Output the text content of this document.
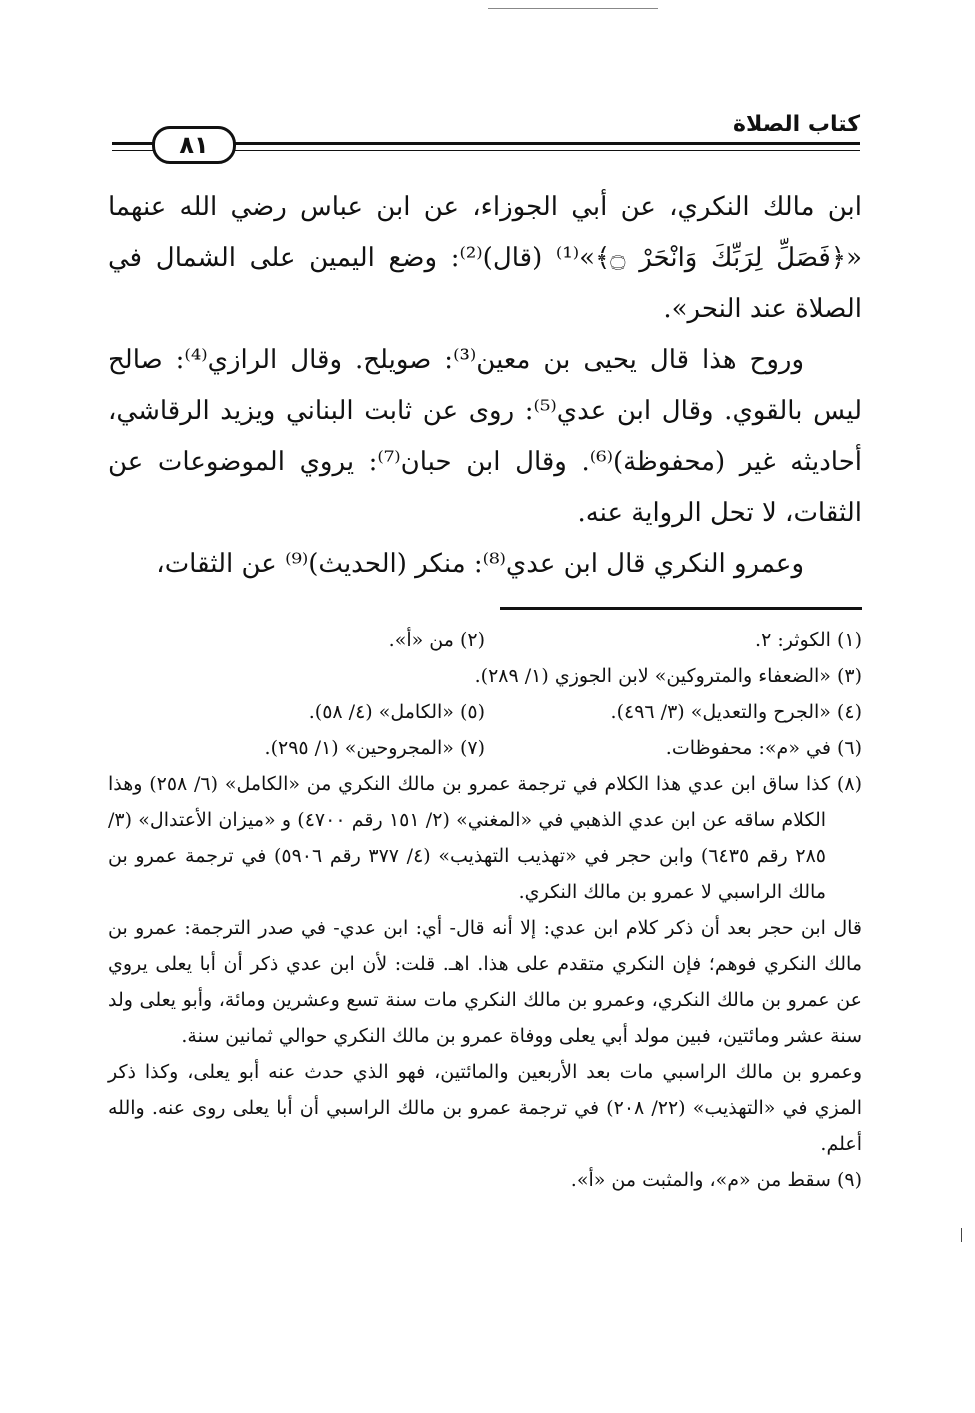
٨١
كتاب الصلاة

ابن مالك النكري، عن أبي الجوزاء، عن ابن عباس رضي الله عنهما «﴿فَصَلِّ لِرَبِّكَ وَانْحَرْ ۝﴾»⁽¹⁾ (قال)⁽²⁾: وضع اليمين على الشمال في الصلاة عند النحر».

وروح هذا قال يحيى بن معين⁽³⁾: صويلح. وقال الرازي⁽⁴⁾: صالح ليس بالقوي. وقال ابن عدي⁽⁵⁾: روى عن ثابت البناني ويزيد الرقاشي، أحاديثه غير (محفوظة)⁽⁶⁾. وقال ابن حبان⁽⁷⁾: يروي الموضوعات عن الثقات، لا تحل الرواية عنه.

وعمرو النكري قال ابن عدي⁽⁸⁾: منكر (الحديث)⁽⁹⁾ عن الثقات،

(١) الكوثر: ٢.
(٢) من «أ».

(٣) «الضعفاء والمتروكين» لابن الجوزي (١/ ٢٨٩).

(٤) «الجرح والتعديل» (٣/ ٤٩٦).
(٥) «الكامل» (٤/ ٥٨).
(٦) في «م»: محفوظات.
(٧) «المجروحين» (١/ ٢٩٥).

(٨) كذا ساق ابن عدي هذا الكلام في ترجمة عمرو بن مالك النكري من «الكامل» (٦/ ٢٥٨) وهذا الكلام ساقه عن ابن عدي الذهبي في «المغني» (٢/ ١٥١ رقم ٤٧٠٠) و «ميزان الأعتدال» (٣/ ٢٨٥ رقم ٦٤٣٥) وابن حجر في «تهذيب التهذيب» (٤/ ٣٧٧ رقم ٥٩٠٦) في ترجمة عمرو بن مالك الراسبي لا عمرو بن مالك النكري.

قال ابن حجر بعد أن ذكر كلام ابن عدي: إلا أنه قال- أي: ابن عدي- في صدر الترجمة: عمرو بن مالك النكري فوهم؛ فإن النكري متقدم على هذا. اهـ. قلت: لأن ابن عدي ذكر أن أبا يعلى يروي عن عمرو بن مالك النكري، وعمرو بن مالك النكري مات سنة تسع وعشرين ومائة، وأبو يعلى ولد سنة عشر ومائتين، فبين مولد أبي يعلى ووفاة عمرو بن مالك النكري حوالي ثمانين سنة.

وعمرو بن مالك الراسبي مات بعد الأربعين والمائتين، فهو الذي حدث عنه أبو يعلى، وكذا ذكر المزي في «التهذيب» (٢٢/ ٢٠٨) في ترجمة عمرو بن مالك الراسبي أن أبا يعلى روى عنه. والله أعلم.

(٩) سقط من «م»، والمثبت من «أ».
